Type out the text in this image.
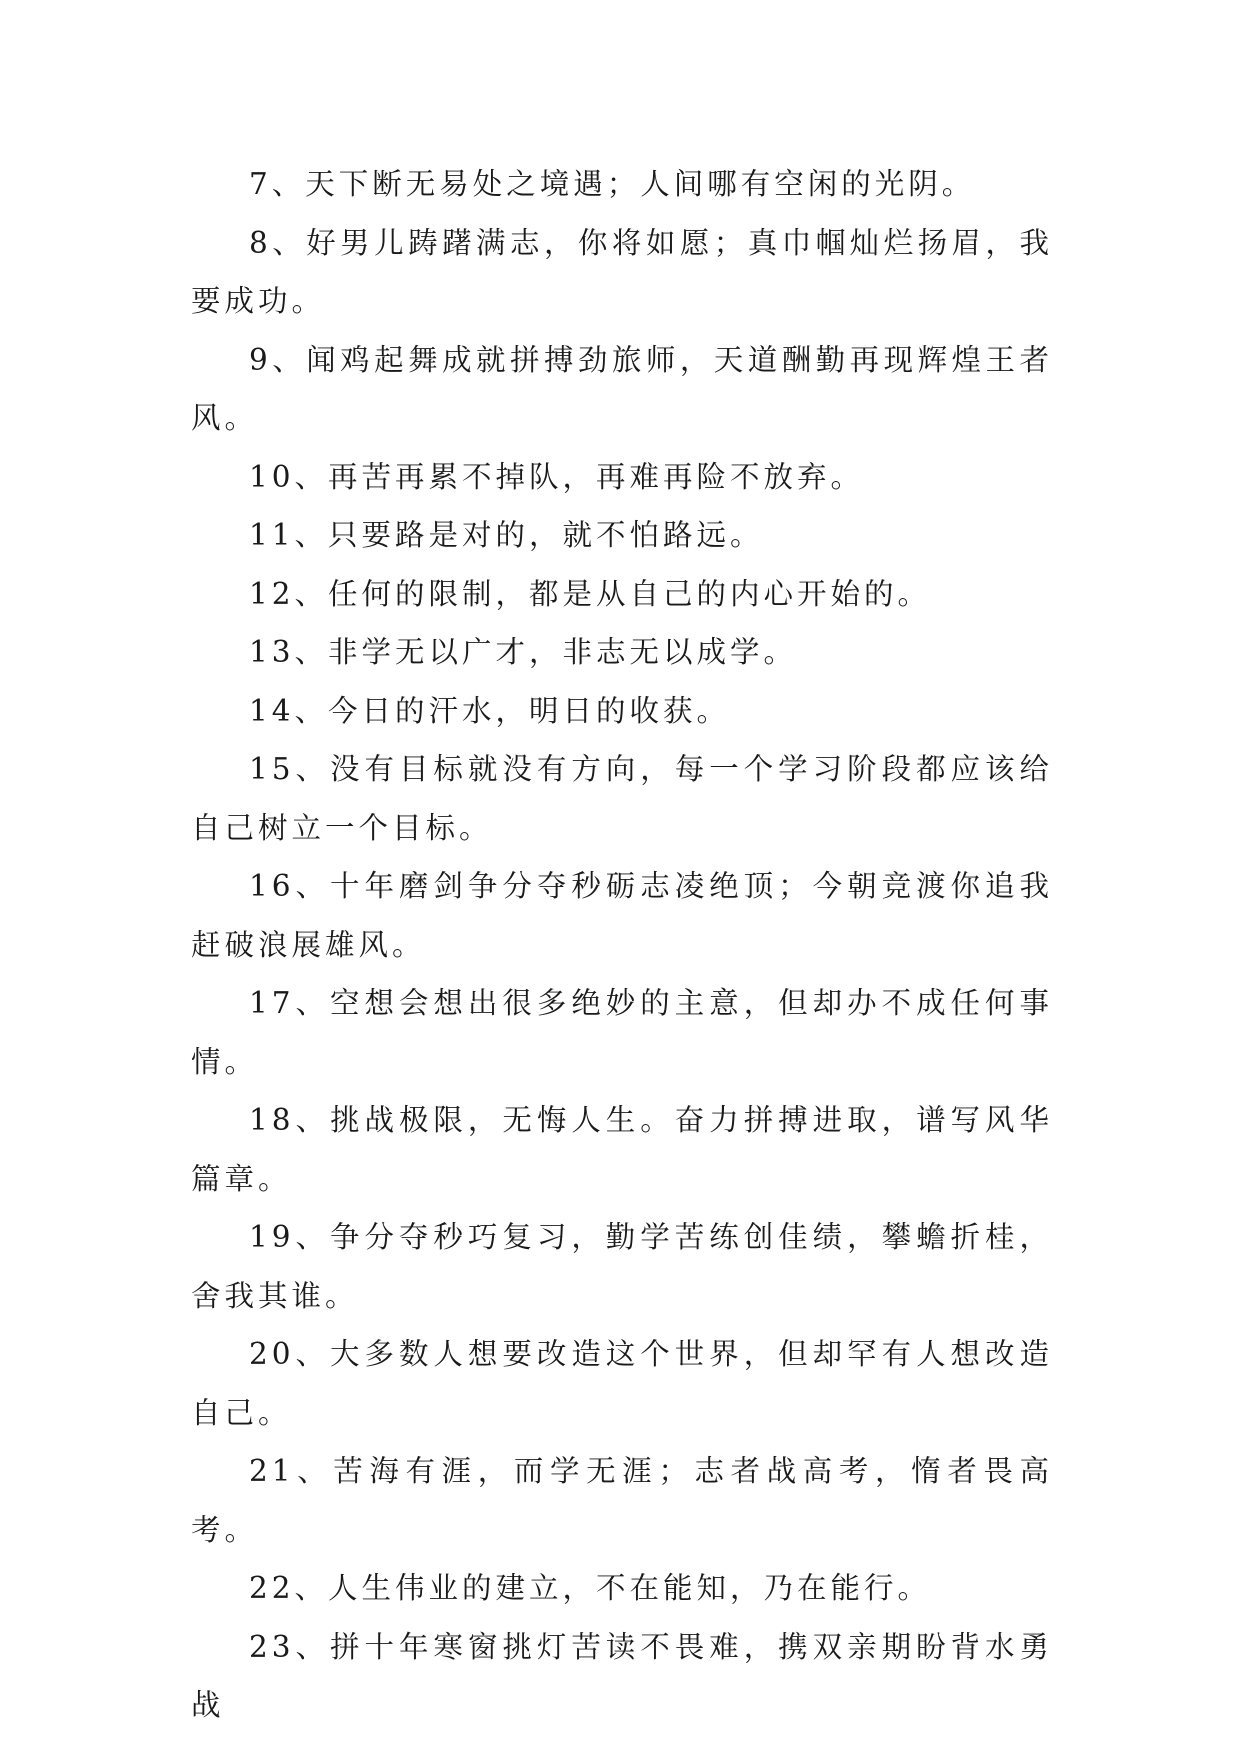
7、天下断无易处之境遇；人间哪有空闲的光阴。

8、好男儿踌躇满志，你将如愿；真巾帼灿烂扬眉，我要成功。

9、闻鸡起舞成就拼搏劲旅师，天道酬勤再现辉煌王者风。

10、再苦再累不掉队，再难再险不放弃。

11、只要路是对的，就不怕路远。

12、任何的限制，都是从自己的内心开始的。

13、非学无以广才，非志无以成学。

14、今日的汗水，明日的收获。

15、没有目标就没有方向，每一个学习阶段都应该给自己树立一个目标。

16、十年磨剑争分夺秒砺志凌绝顶；今朝竞渡你追我赶破浪展雄风。

17、空想会想出很多绝妙的主意，但却办不成任何事情。

18、挑战极限，无悔人生。奋力拼搏进取，谱写风华篇章。

19、争分夺秒巧复习，勤学苦练创佳绩，攀蟾折桂，舍我其谁。

20、大多数人想要改造这个世界，但却罕有人想改造自己。

21、苦海有涯，而学无涯；志者战高考，惰者畏高考。

22、人生伟业的建立，不在能知，乃在能行。

23、拼十年寒窗挑灯苦读不畏难，携双亲期盼背水勇战
